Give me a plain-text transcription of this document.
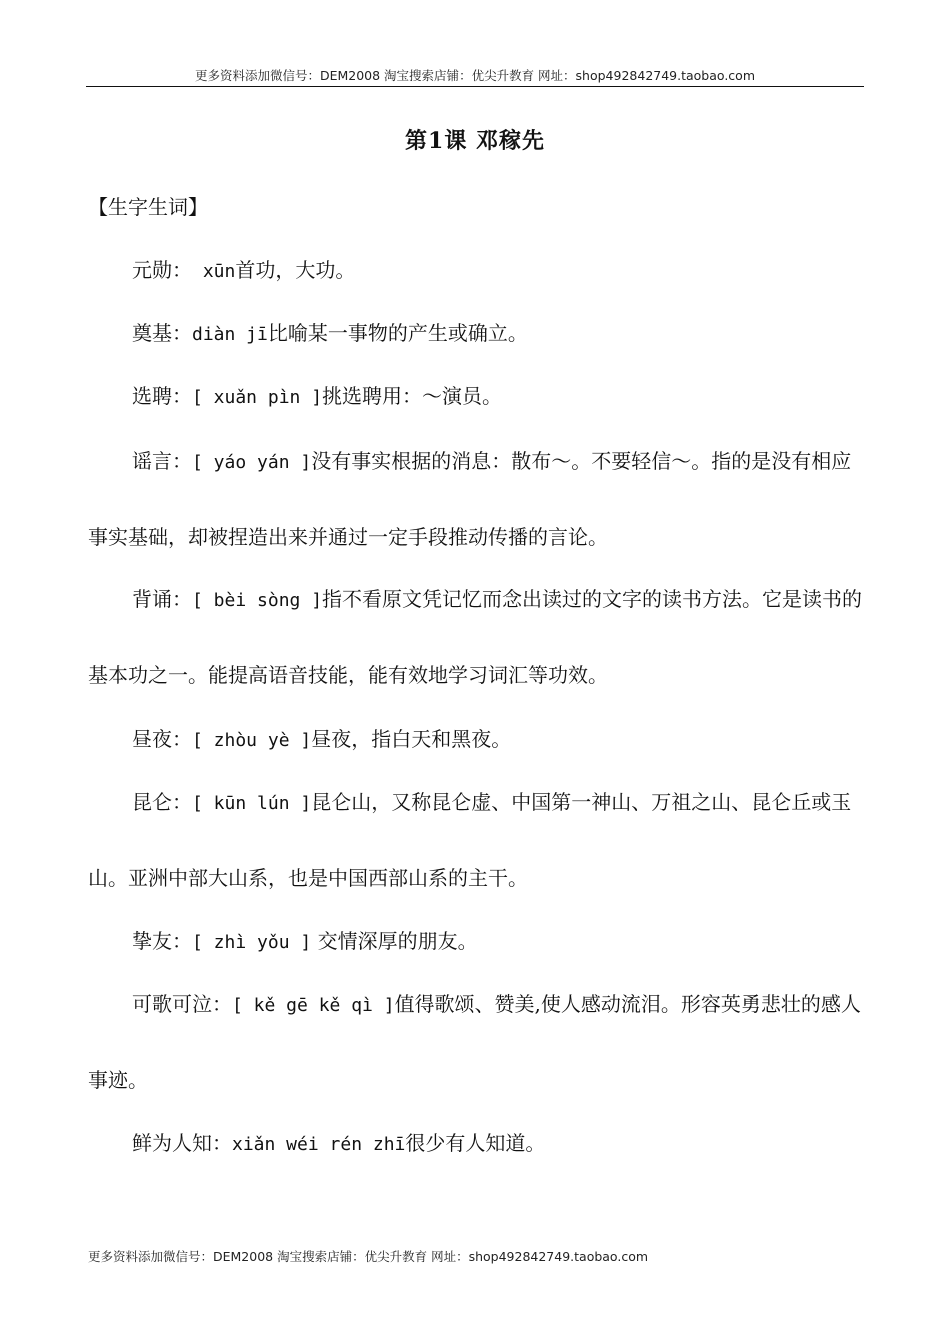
更多资料添加微信号：DEM2008 淘宝搜索店铺：优尖升教育 网址：shop492842749.taobao.com
第1课 邓稼先
【生字生词】
元勋： xūn首功，大功。
奠基：diàn jī比喻某一事物的产生或确立。
选聘：[ xuǎn pìn ]挑选聘用：～演员。
谣言：[ yáo yán ]没有事实根据的消息：散布～。不要轻信～。指的是没有相应事实基础，却被捏造出来并通过一定手段推动传播的言论。
背诵：[ bèi sòng ]指不看原文凭记忆而念出读过的文字的读书方法。它是读书的基本功之一。能提高语音技能，能有效地学习词汇等功效。
昼夜：[ zhòu yè ]昼夜，指白天和黑夜。
昆仑：[ kūn lún ]昆仑山，又称昆仑虚、中国第一神山、万祖之山、昆仑丘或玉山。亚洲中部大山系，也是中国西部山系的主干。
挚友：[ zhì yǒu ] 交情深厚的朋友。
可歌可泣：[ kě gē kě qì ]值得歌颂、赞美,使人感动流泪。形容英勇悲壮的感人事迹。
鲜为人知：xiǎn wéi rén zhī很少有人知道。
更多资料添加微信号：DEM2008 淘宝搜索店铺：优尖升教育 网址：shop492842749.taobao.com
